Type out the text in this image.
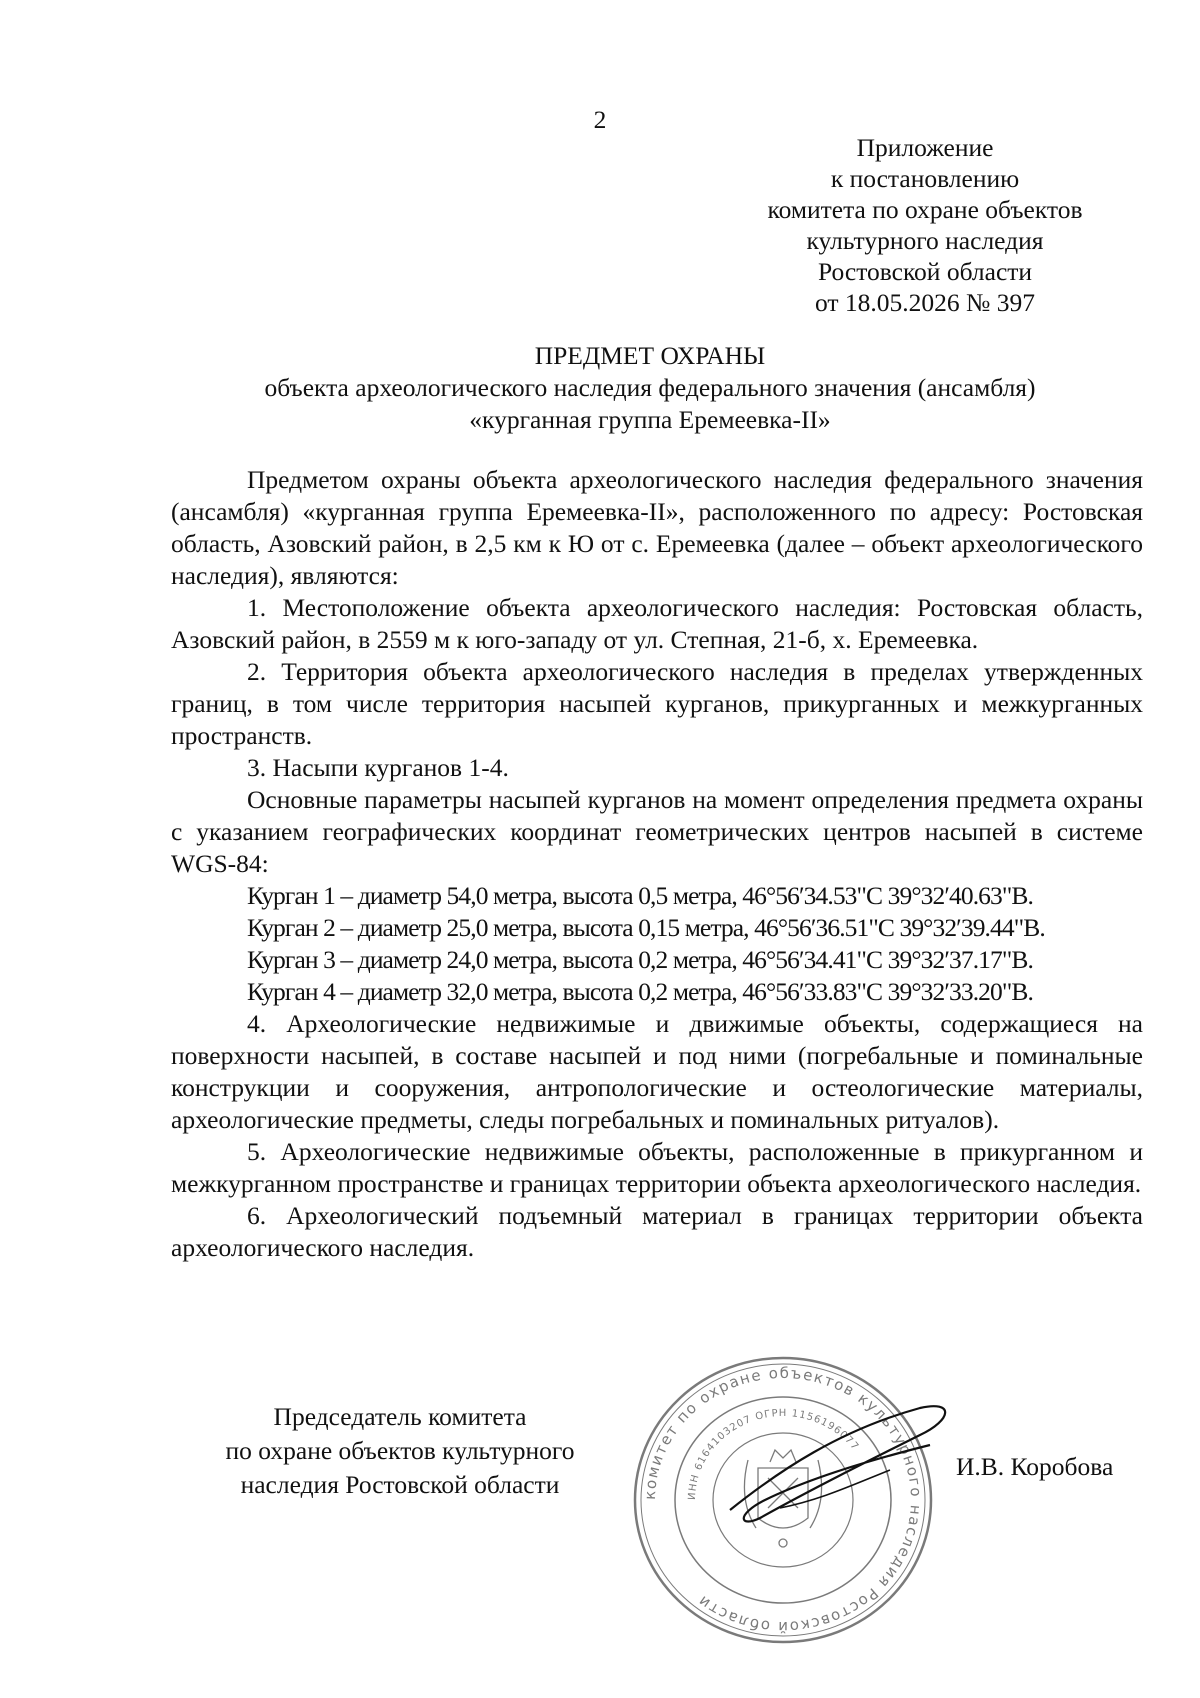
2
Приложение
к постановлению
комитета по охране объектов
культурного наследия
Ростовской области
от 18.05.2026 № 397
ПРЕДМЕТ ОХРАНЫ
объекта археологического наследия федерального значения (ансамбля)
«курганная группа Еремеевка-II»

Предметом охраны объекта археологического наследия федерального значения (ансамбля) «курганная группа Еремеевка-II», расположенного по адресу: Ростовская область, Азовский район, в 2,5 км к Ю от с. Еремеевка (далее – объект археологического наследия), являются:

1. Местоположение объекта археологического наследия: Ростовская область, Азовский район, в 2559 м к юго-западу от ул. Степная, 21-б, х. Еремеевка.

2. Территория объекта археологического наследия в пределах утвержденных границ, в том числе территория насыпей курганов, прикурганных и межкурганных пространств.

3. Насыпи курганов 1-4.

Основные параметры насыпей курганов на момент определения предмета охраны с указанием географических координат геометрических центров насыпей в системе WGS-84:

Курган 1 – диаметр 54,0 метра, высота 0,5 метра, 46°56′34.53"С 39°32′40.63"В.

Курган 2 – диаметр 25,0 метра, высота 0,15 метра, 46°56′36.51"С 39°32′39.44"В.

Курган 3 – диаметр 24,0 метра, высота 0,2 метра, 46°56′34.41"С 39°32′37.17"В.

Курган 4 – диаметр 32,0 метра, высота 0,2 метра, 46°56′33.83"С 39°32′33.20"В.

4. Археологические недвижимые и движимые объекты, содержащиеся на поверхности насыпей, в составе насыпей и под ними (погребальные и поминальные конструкции и сооружения, антропологические и остеологические материалы, археологические предметы, следы погребальных и поминальных ритуалов).

5. Археологические недвижимые объекты, расположенные в прикурганном и межкурганном пространстве и границах территории объекта археологического наследия.

6. Археологический подъемный материал в границах территории объекта археологического наследия.

Председатель комитета
по охране объектов культурного
наследия Ростовской области	комитет по охране объектов культурного наследия Ростовской области
ИНН 6164103207 ОГРН 1156196077
И.В. Коробова
